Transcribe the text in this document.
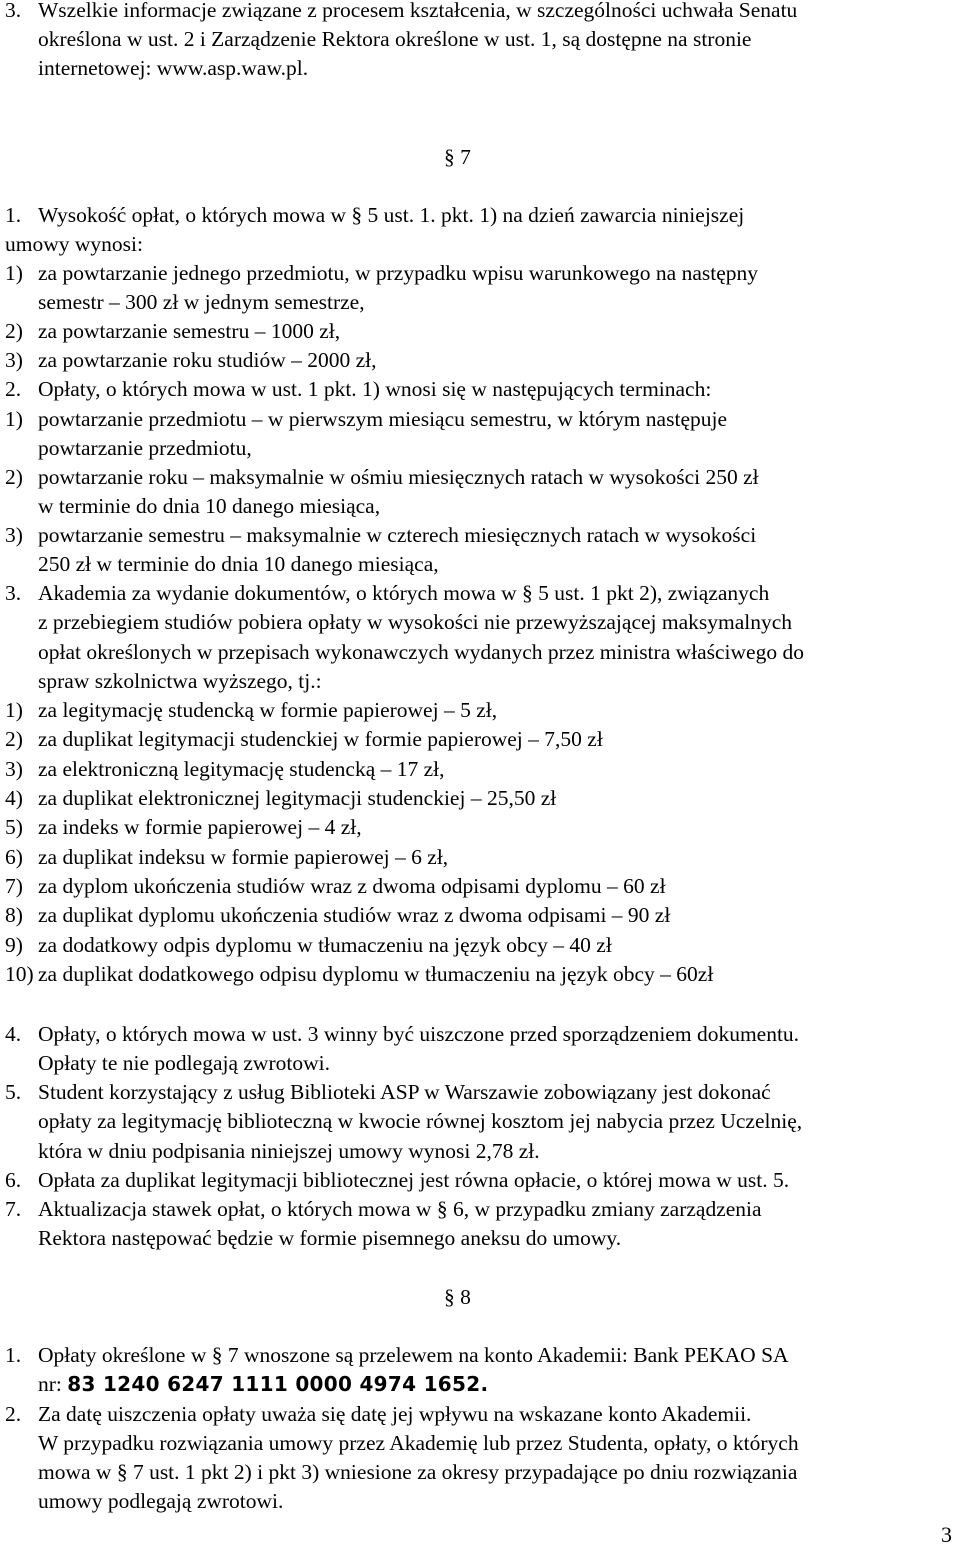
3. Wszelkie informacje związane z procesem kształcenia, w szczególności uchwała Senatu
określona w ust. 2 i Zarządzenie Rektora określone w ust. 1, są dostępne na stronie
internetowej: www.asp.waw.pl.
§ 7
1. Wysokość opłat, o których mowa w § 5 ust. 1. pkt. 1) na dzień zawarcia niniejszej
umowy wynosi:
1) za powtarzanie jednego przedmiotu, w przypadku wpisu warunkowego na następny
semestr – 300 zł w jednym semestrze,
2) za powtarzanie semestru – 1000 zł,
3) za powtarzanie roku studiów – 2000 zł,
2. Opłaty, o których mowa w ust. 1 pkt. 1) wnosi się w następujących terminach:
1) powtarzanie przedmiotu – w pierwszym miesiącu semestru, w którym następuje
powtarzanie przedmiotu,
2) powtarzanie roku – maksymalnie w ośmiu miesięcznych ratach w wysokości 250 zł
w terminie do dnia 10 danego miesiąca,
3) powtarzanie semestru – maksymalnie w czterech miesięcznych ratach w wysokości
250 zł w terminie do dnia 10 danego miesiąca,
3. Akademia za wydanie dokumentów, o których mowa w § 5 ust. 1 pkt 2), związanych
z przebiegiem studiów pobiera opłaty w wysokości nie przewyższającej maksymalnych
opłat określonych w przepisach wykonawczych wydanych przez ministra właściwego do
spraw szkolnictwa wyższego, tj.:
1) za legitymację studencką w formie papierowej – 5 zł,
2) za duplikat legitymacji studenckiej w formie papierowej – 7,50 zł
3) za elektroniczną legitymację studencką – 17 zł,
4) za duplikat elektronicznej legitymacji studenckiej – 25,50 zł
5) za indeks w formie papierowej – 4 zł,
6) za duplikat indeksu w formie papierowej – 6 zł,
7) za dyplom ukończenia studiów wraz z dwoma odpisami dyplomu – 60 zł
8) za duplikat dyplomu ukończenia studiów wraz z dwoma odpisami – 90 zł
9) za dodatkowy odpis dyplomu w tłumaczeniu na język obcy – 40 zł
10) za duplikat dodatkowego odpisu dyplomu w tłumaczeniu na język obcy – 60zł
4. Opłaty, o których mowa w ust. 3 winny być uiszczone przed sporządzeniem dokumentu.
Opłaty te nie podlegają zwrotowi.
5. Student korzystający z usług Biblioteki ASP w Warszawie zobowiązany jest dokonać
opłaty za legitymację biblioteczną w kwocie równej kosztom jej nabycia przez Uczelnię,
która w dniu podpisania niniejszej umowy wynosi 2,78 zł.
6. Opłata za duplikat legitymacji bibliotecznej jest równa opłacie, o której mowa w ust. 5.
7. Aktualizacja stawek opłat, o których mowa w § 6, w przypadku zmiany zarządzenia
Rektora następować będzie w formie pisemnego aneksu do umowy.
§ 8
1. Opłaty określone w § 7 wnoszone są przelewem na konto Akademii: Bank PEKAO SA
nr: 83 1240 6247 1111 0000 4974 1652.
2. Za datę uiszczenia opłaty uważa się datę jej wpływu na wskazane konto Akademii.
W przypadku rozwiązania umowy przez Akademię lub przez Studenta, opłaty, o których
mowa w § 7 ust. 1 pkt 2) i pkt 3) wniesione za okresy przypadające po dniu rozwiązania
umowy podlegają zwrotowi.
3
